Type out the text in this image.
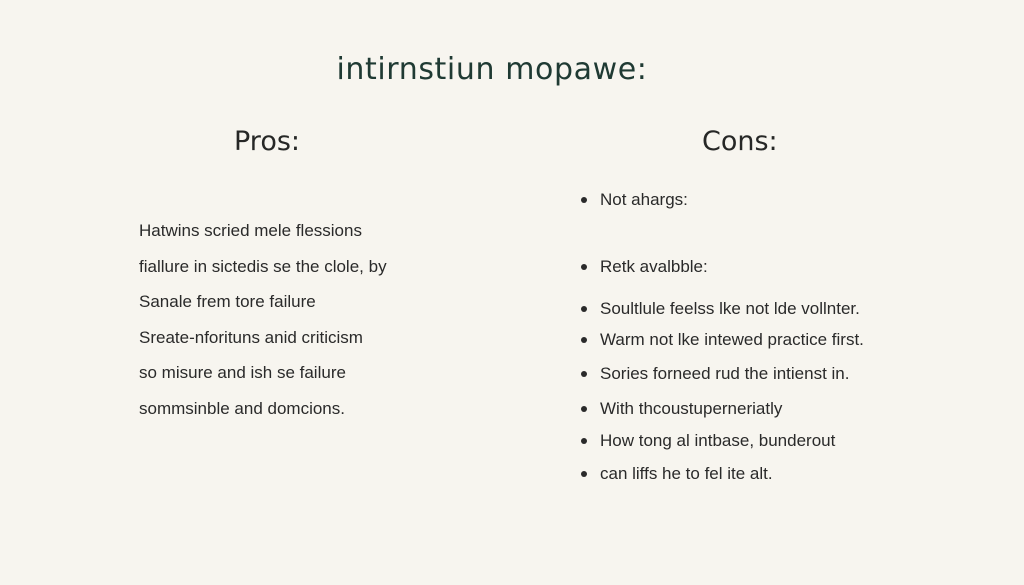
intirnstiun mopawe:
Pros:	Cons:
Hatwins scried mele flessions
fiallure in sictedis se the clole, by
Sanale frem tore failure
Sreate-nforituns anid criticism
so misure and ish se failure
sommsinble and domcions.
Not ahargs:
Retk avalbble:
Soultlule feelss lke not lde vollnter.
Warm not lke intewed practice first.
Sories forneed rud the intienst in.
With thcoustuperneriatly
How tong al intbase, bunderout
can liffs he to fel ite alt.
